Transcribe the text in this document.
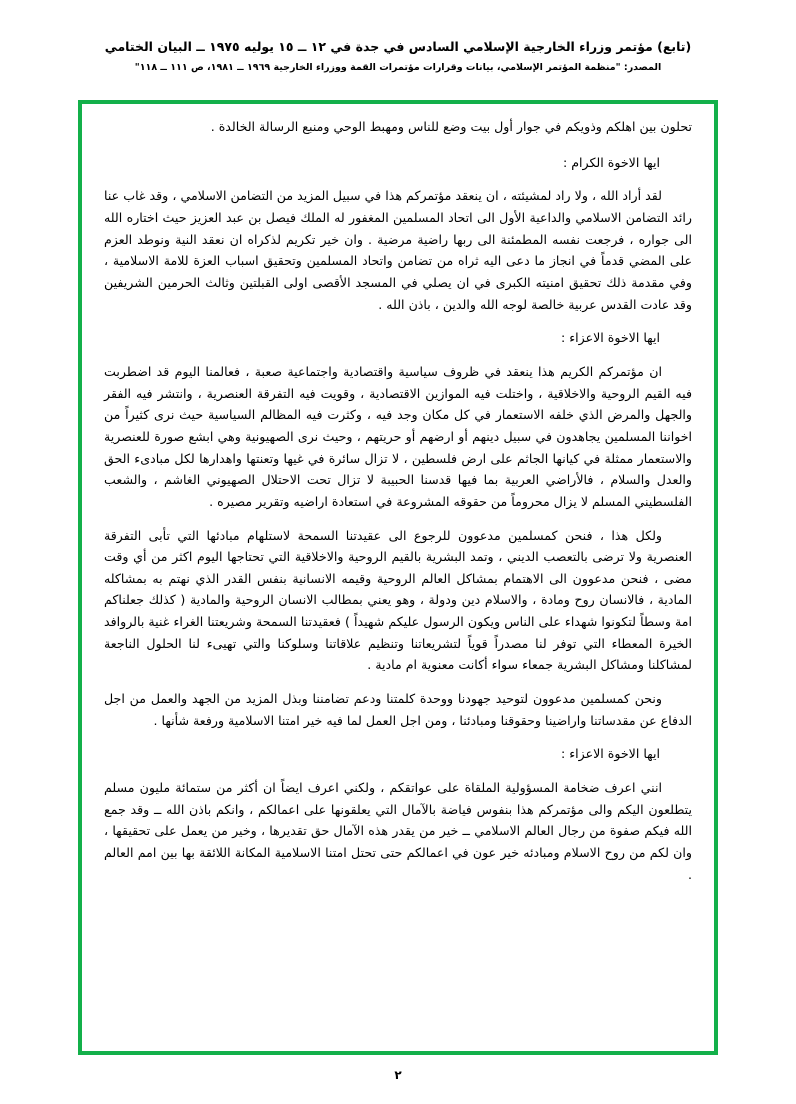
(تابع) مؤتمر وزراء الخارجية الإسلامي السادس في جدة في ١٢ ــ ١٥ يوليه ١٩٧٥ ــ البيان الختامي
المصدر: "منظمة المؤتمر الإسلامي، بيانات وقرارات مؤتمرات القمة ووزراء الخارجية ١٩٦٩ ــ ١٩٨١، ص ١١١ ــ ١١٨"

تحلون بين اهلكم وذويكم في جوار أول بيت وضع للناس ومهبط الوحي ومنبع الرسالة الخالدة .

ايها الاخوة الكرام :

لقد أراد الله ، ولا راد لمشيئته ، ان ينعقد مؤتمركم هذا في سبيل المزيد من التضامن الاسلامي ، وقد غاب عنا رائد التضامن الاسلامي والداعية الأول الى اتحاد المسلمين المغفور له الملك فيصل بن عبد العزيز حيث اختاره الله الى جواره ، فرجعت نفسه المطمئنة الى ربها راضية مرضية . وان خير تكريم لذكراه ان نعقد النية ونوطد العزم على المضي قدماً في انجاز ما دعى اليه ثراه من تضامن واتحاد المسلمين وتحقيق اسباب العزة للامة الاسلامية ، وفي مقدمة ذلك تحقيق امنيته الكبرى في ان يصلي في المسجد الأقصى اولى القبلتين وثالث الحرمين الشريفين وقد عادت القدس عربية خالصة لوجه الله والدين ، باذن الله .

ايها الاخوة الاعزاء :

ان مؤتمركم الكريم هذا ينعقد في ظروف سياسية واقتصادية واجتماعية صعبة ، فعالمنا اليوم قد اضطربت فيه القيم الروحية والاخلاقية ، واختلت فيه الموازين الاقتصادية ، وقويت فيه التفرقة العنصرية ، وانتشر فيه الفقر والجهل والمرض الذي خلفه الاستعمار في كل مكان وجد فيه ، وكثرت فيه المظالم السياسية حيث نرى كثيراً من اخواننا المسلمين يجاهدون في سبيل دينهم أو ارضهم أو حريتهم ، وحيث نرى الصهيونية وهي ابشع صورة للعنصرية والاستعمار ممثلة في كيانها الجاثم على ارض فلسطين ، لا تزال سائرة في غيها وتعنتها واهدارها لكل مبادىء الحق والعدل والسلام ، فالأراضي العربية بما فيها قدسنا الحبيبة لا تزال تحت الاحتلال الصهيوني الغاشم ، والشعب الفلسطيني المسلم لا يزال محروماً من حقوقه المشروعة في استعادة اراضيه وتقرير مصيره .

ولكل هذا ، فنحن كمسلمين مدعوون للرجوع الى عقيدتنا السمحة لاستلهام مبادئها التي تأبى التفرقة العنصرية ولا ترضى بالتعصب الديني ، وتمد البشرية بالقيم الروحية والاخلاقية التي تحتاجها اليوم اكثر من أي وقت مضى ، فنحن مدعوون الى الاهتمام بمشاكل العالم الروحية وقيمه الانسانية بنفس القدر الذي نهتم به بمشاكله المادية ، فالانسان روح ومادة ، والاسلام دين ودولة ، وهو يعني بمطالب الانسان الروحية والمادية ( كذلك جعلناكم امة وسطاً لتكونوا شهداء على الناس ويكون الرسول عليكم شهيداً ) فعقيدتنا السمحة وشريعتنا الغراء غنية بالروافد الخيرة المعطاء التي توفر لنا مصدراً قوياً لتشريعاتنا وتنظيم علاقاتنا وسلوكنا والتي تهيىء لنا الحلول الناجعة لمشاكلنا ومشاكل البشرية جمعاء سواء أكانت معنوية ام مادية .

ونحن كمسلمين مدعوون لتوحيد جهودنا ووحدة كلمتنا ودعم تضامننا وبذل المزيد من الجهد والعمل من اجل الدفاع عن مقدساتنا واراضينا وحقوقنا ومبادئنا ، ومن اجل العمل لما فيه خير امتنا الاسلامية ورفعة شأنها .

ايها الاخوة الاعزاء :

انني اعرف ضخامة المسؤولية الملقاة على عواتقكم ، ولكني اعرف ايضاً ان أكثر من ستمائة مليون مسلم يتطلعون اليكم والى مؤتمركم هذا بنفوس فياضة بالآمال التي يعلقونها على اعمالكم ، وانكم باذن الله ــ وقد جمع الله فيكم صفوة من رجال العالم الاسلامي ــ خير من يقدر هذه الآمال حق تقديرها ، وخير من يعمل على تحقيقها ، وان لكم من روح الاسلام ومبادئه خير عون في اعمالكم حتى تحتل امتنا الاسلامية المكانة اللائقة بها بين امم العالم .

٢
